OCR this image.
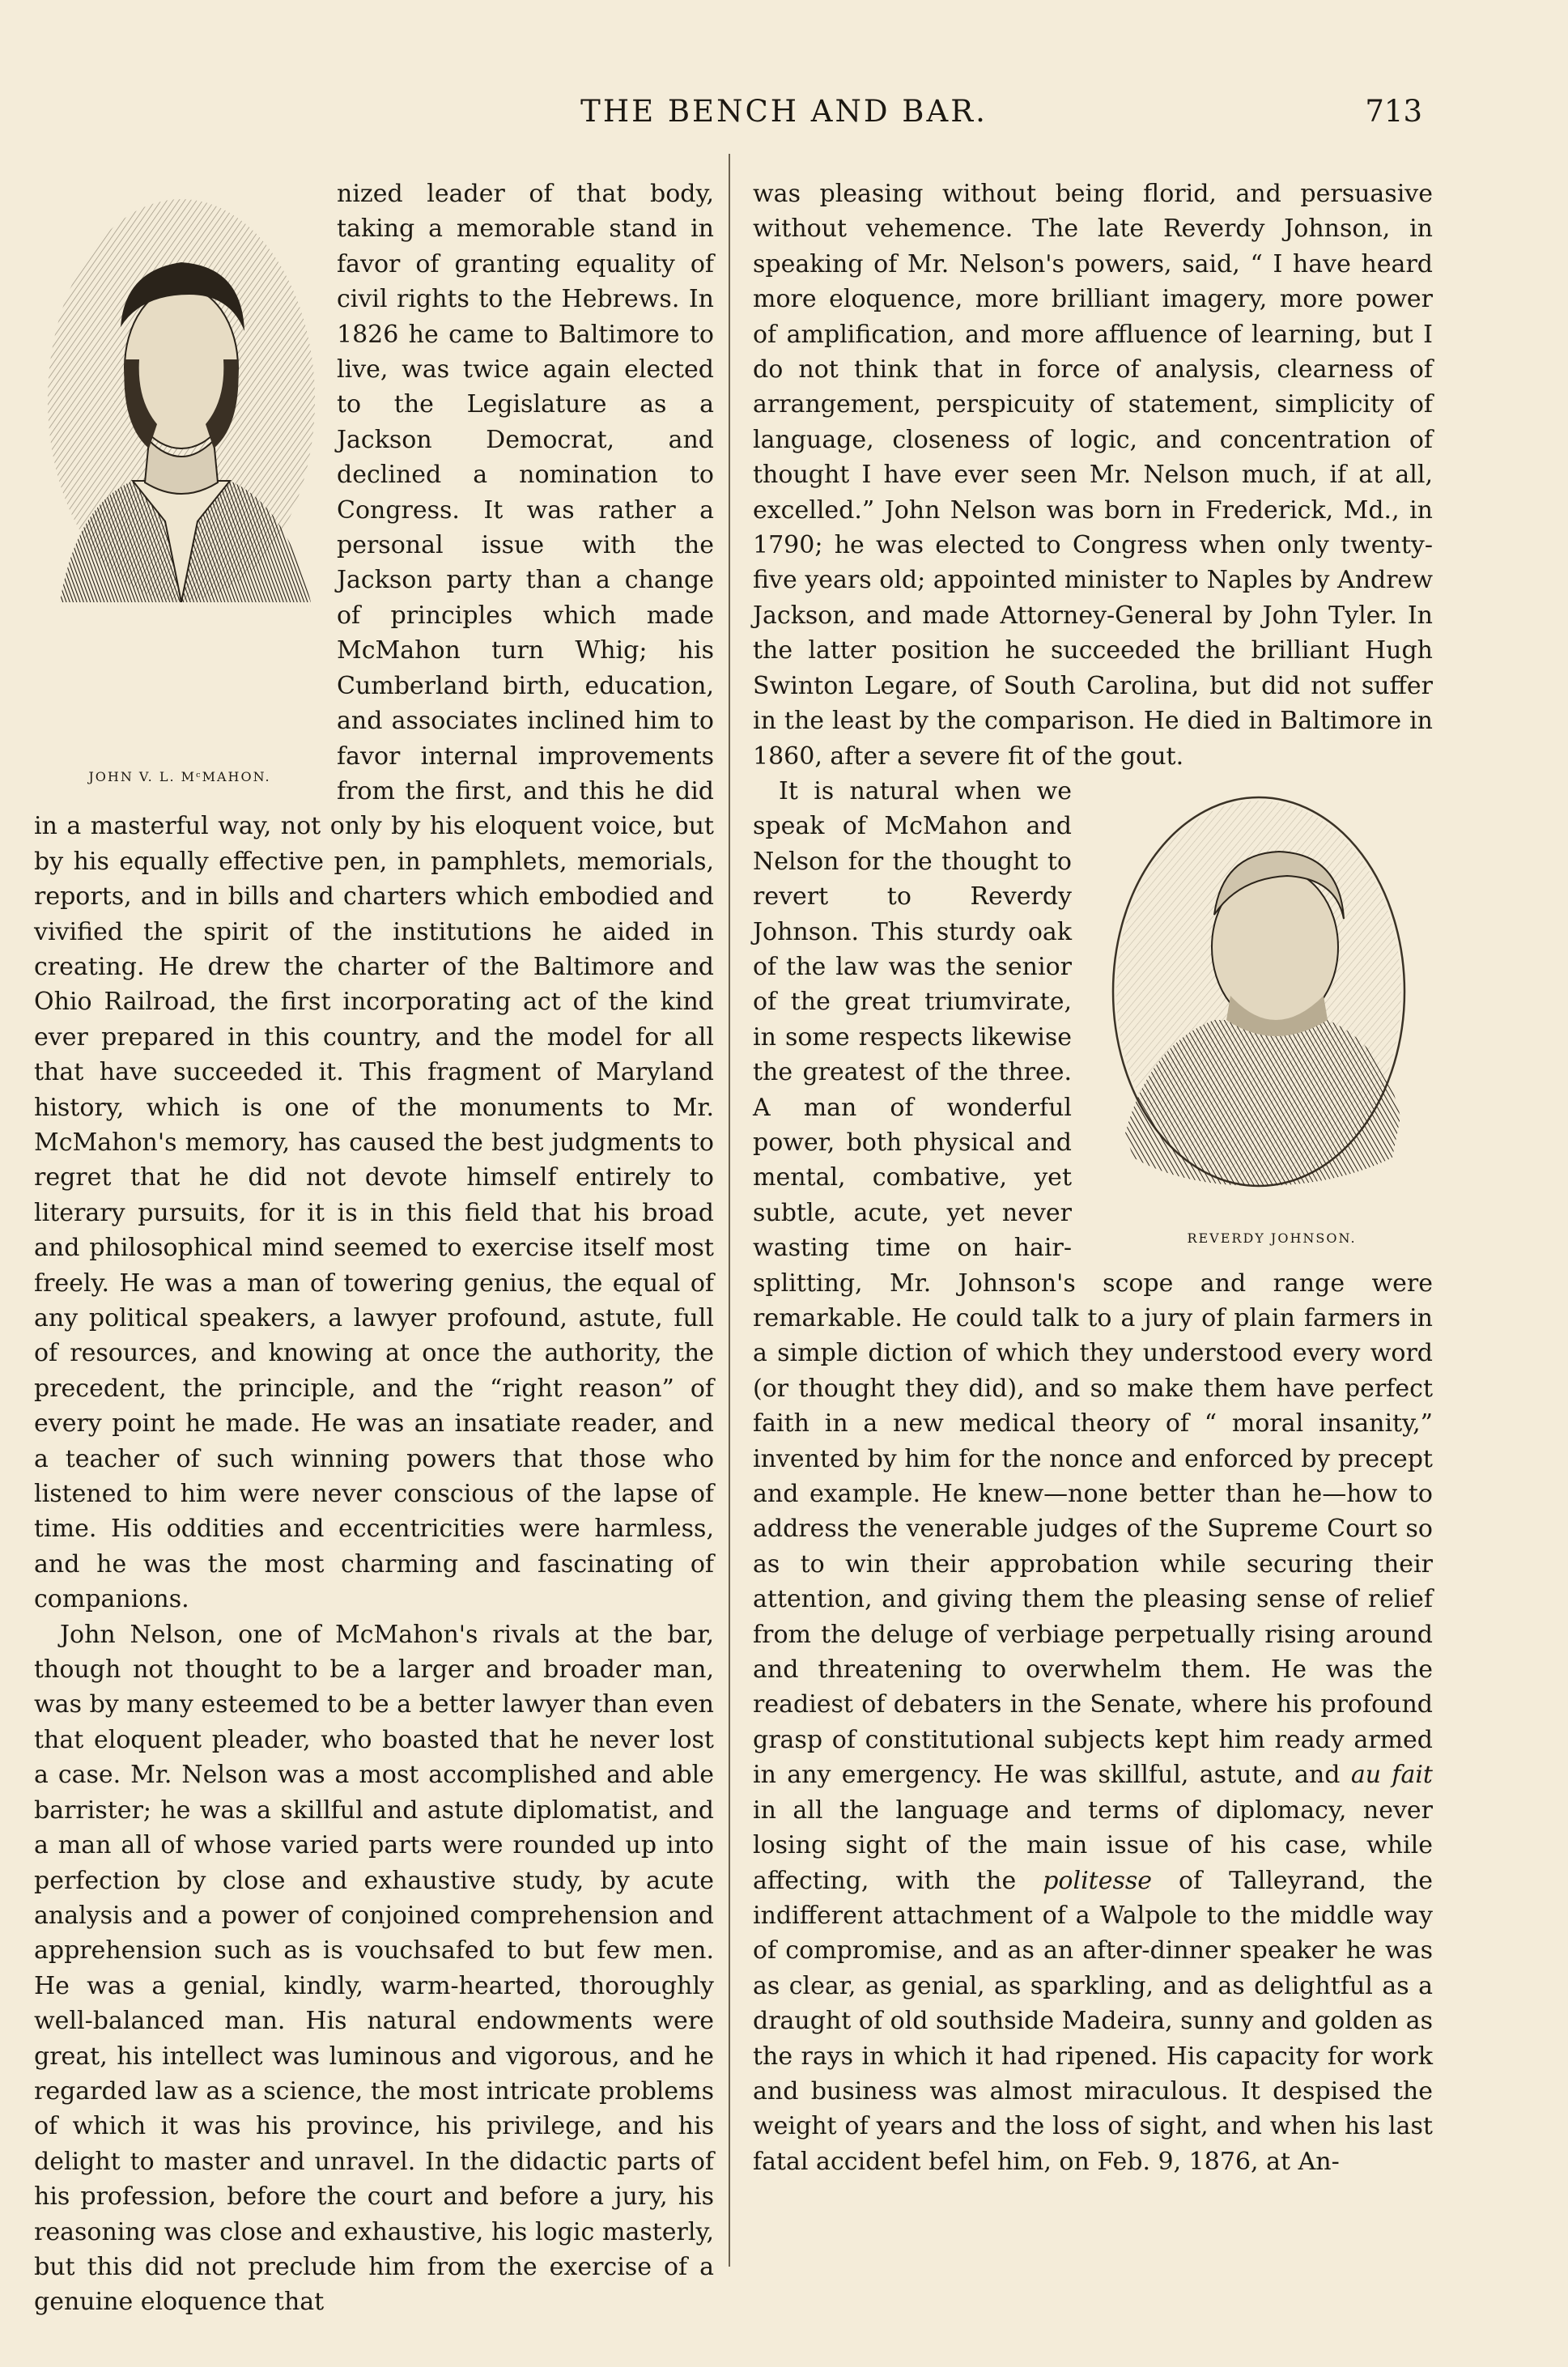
THE BENCH AND BAR.	713
JOHN V. L. MᶜMAHON.

nized leader of that body, taking a memorable stand in favor of granting equality of civil rights to the Hebrews. In 1826 he came to Baltimore to live, was twice again elected to the Legislature as a Jackson Democrat, and declined a nomination to Congress. It was rather a personal issue with the Jackson party than a change of principles which made McMahon turn Whig; his Cumberland birth, education, and associates inclined him to favor internal improvements from the first, and this he did in a masterful way, not only by his eloquent voice, but by his equally effective pen, in pamphlets, memorials, reports, and in bills and charters which embodied and vivified the spirit of the institutions he aided in creating. He drew the charter of the Baltimore and Ohio Railroad, the first incorporating act of the kind ever prepared in this country, and the model for all that have succeeded it. This fragment of Maryland history, which is one of the monuments to Mr. McMahon's memory, has caused the best judgments to regret that he did not devote himself entirely to literary pursuits, for it is in this field that his broad and philosophical mind seemed to exercise itself most freely. He was a man of towering genius, the equal of any political speakers, a lawyer profound, astute, full of resources, and knowing at once the authority, the precedent, the principle, and the “right reason” of every point he made. He was an insatiate reader, and a teacher of such winning powers that those who listened to him were never conscious of the lapse of time. His oddities and eccentricities were harmless, and he was the most charming and fascinating of companions.

John Nelson, one of McMahon's rivals at the bar, though not thought to be a larger and broader man, was by many esteemed to be a better lawyer than even that eloquent pleader, who boasted that he never lost a case. Mr. Nelson was a most accomplished and able barrister; he was a skillful and astute diplomatist, and a man all of whose varied parts were rounded up into perfection by close and exhaustive study, by acute analysis and a power of conjoined comprehension and apprehension such as is vouchsafed to but few men. He was a genial, kindly, warm-hearted, thoroughly well-balanced man. His natural endowments were great, his intellect was luminous and vigorous, and he regarded law as a science, the most intricate problems of which it was his province, his privilege, and his delight to master and unravel. In the didactic parts of his profession, before the court and before a jury, his reasoning was close and exhaustive, his logic masterly, but this did not preclude him from the exercise of a genuine eloquence that

was pleasing without being florid, and persuasive without vehemence. The late Reverdy Johnson, in speaking of Mr. Nelson's powers, said, “ I have heard more eloquence, more brilliant imagery, more power of amplification, and more affluence of learning, but I do not think that in force of analysis, clearness of arrangement, perspicuity of statement, simplicity of language, closeness of logic, and concentration of thought I have ever seen Mr. Nelson much, if at all, excelled.” John Nelson was born in Frederick, Md., in 1790; he was elected to Congress when only twenty-five years old; appointed minister to Naples by Andrew Jackson, and made Attorney-General by John Tyler. In the latter position he succeeded the brilliant Hugh Swinton Legare, of South Carolina, but did not suffer in the least by the comparison. He died in Baltimore in 1860, after a severe fit of the gout.

REVERDY JOHNSON.
It is natural when we speak of McMahon and Nelson for the thought to revert to Reverdy Johnson. This sturdy oak of the law was the senior of the great triumvirate, in some respects likewise the greatest of the three. A man of wonderful power, both physical and mental, combative, yet subtle, acute, yet never wasting time on hair-splitting, Mr. Johnson's scope and range were remarkable. He could talk to a jury of plain farmers in a simple diction of which they understood every word (or thought they did), and so make them have perfect faith in a new medical theory of “ moral insanity,” invented by him for the nonce and enforced by precept and example. He knew—none better than he—how to address the venerable judges of the Supreme Court so as to win their approbation while securing their attention, and giving them the pleasing sense of relief from the deluge of verbiage perpetually rising around and threatening to overwhelm them. He was the readiest of debaters in the Senate, where his profound grasp of constitutional subjects kept him ready armed in any emergency. He was skillful, astute, and au fait in all the language and terms of diplomacy, never losing sight of the main issue of his case, while affecting, with the politesse of Talleyrand, the indifferent attachment of a Walpole to the middle way of compromise, and as an after-dinner speaker he was as clear, as genial, as sparkling, and as delightful as a draught of old southside Madeira, sunny and golden as the rays in which it had ripened. His capacity for work and business was almost miraculous. It despised the weight of years and the loss of sight, and when his last fatal accident befel him, on Feb. 9, 1876, at An-
